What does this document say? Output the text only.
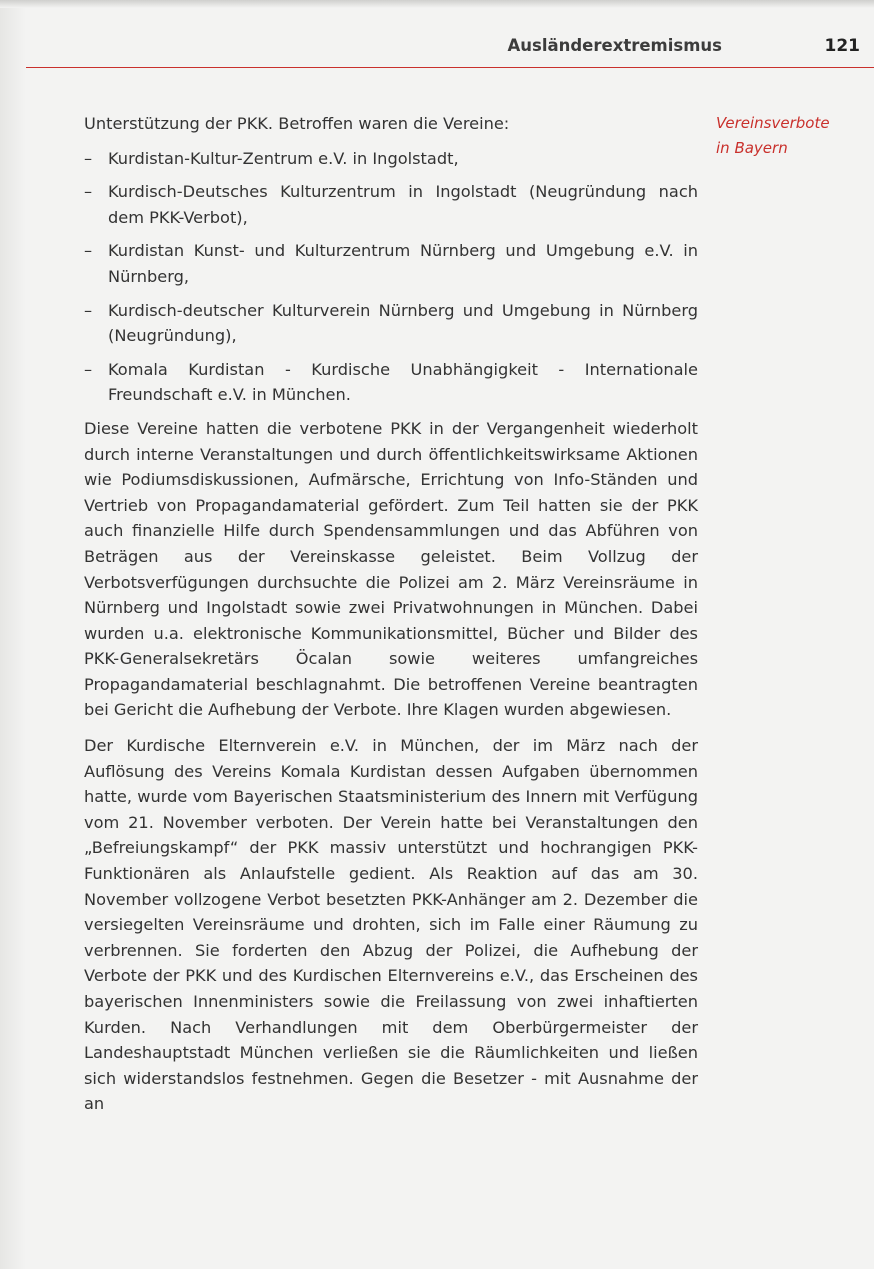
Ausländerextremismus	121
Vereinsverbote
in Bayern

Unterstützung der PKK. Betroffen waren die Vereine:

– Kurdistan-Kultur-Zentrum e.V. in Ingolstadt,
– Kurdisch-Deutsches Kulturzentrum in Ingolstadt (Neugründung nach dem PKK-Verbot),
– Kurdistan Kunst- und Kulturzentrum Nürnberg und Umgebung e.V. in Nürnberg,
– Kurdisch-deutscher Kulturverein Nürnberg und Umgebung in Nürnberg (Neugründung),
– Komala Kurdistan - Kurdische Unabhängigkeit - Internationale Freundschaft e.V. in München.

Diese Vereine hatten die verbotene PKK in der Vergangenheit wiederholt durch interne Veranstaltungen und durch öffentlichkeitswirksame Aktionen wie Podiumsdiskussionen, Aufmärsche, Errichtung von Info-Ständen und Vertrieb von Propagandamaterial gefördert. Zum Teil hatten sie der PKK auch finanzielle Hilfe durch Spendensammlungen und das Abführen von Beträgen aus der Vereinskasse geleistet. Beim Vollzug der Verbotsverfügungen durchsuchte die Polizei am 2. März Vereinsräume in Nürnberg und Ingolstadt sowie zwei Privatwohnungen in München. Dabei wurden u.a. elektronische Kommunikationsmittel, Bücher und Bilder des PKK-Generalsekretärs Öcalan sowie weiteres umfangreiches Propagandamaterial beschlagnahmt. Die betroffenen Vereine beantragten bei Gericht die Aufhebung der Verbote. Ihre Klagen wurden abgewiesen.

Der Kurdische Elternverein e.V. in München, der im März nach der Auflösung des Vereins Komala Kurdistan dessen Aufgaben übernommen hatte, wurde vom Bayerischen Staatsministerium des Innern mit Verfügung vom 21. November verboten. Der Verein hatte bei Veranstaltungen den „Befreiungskampf“ der PKK massiv unterstützt und hochrangigen PKK-Funktionären als Anlaufstelle gedient. Als Reaktion auf das am 30. November vollzogene Verbot besetzten PKK-Anhänger am 2. Dezember die versiegelten Vereinsräume und drohten, sich im Falle einer Räumung zu verbrennen. Sie forderten den Abzug der Polizei, die Aufhebung der Verbote der PKK und des Kurdischen Elternvereins e.V., das Erscheinen des bayerischen Innenministers sowie die Freilassung von zwei inhaftierten Kurden. Nach Verhandlungen mit dem Oberbürgermeister der Landeshauptstadt München verließen sie die Räumlichkeiten und ließen sich widerstandslos festnehmen. Gegen die Besetzer - mit Ausnahme der an
